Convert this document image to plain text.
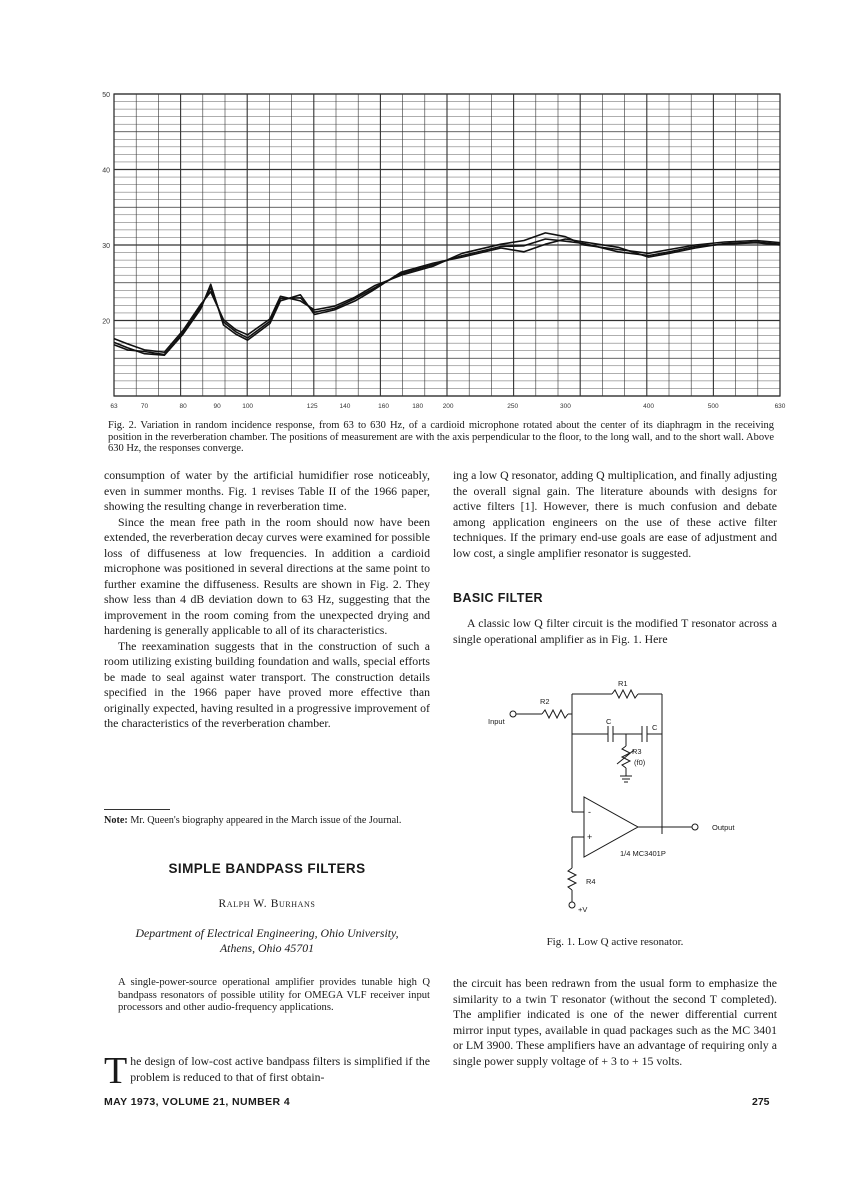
50
40
30
20
63	70	80	90	100	125	140	160	180	200	250	300	400	500	630
Fig. 2. Variation in random incidence response, from 63 to 630 Hz, of a cardioid microphone rotated about the center of its diaphragm in the receiving position in the reverberation chamber. The positions of measurement are with the axis perpendicular to the floor, to the long wall, and to the short wall. Above 630 Hz, the responses converge.

consumption of water by the artificial humidifier rose noticeably, even in summer months. Fig. 1 revises Table II of the 1966 paper, showing the resulting change in reverberation time.

Since the mean free path in the room should now have been extended, the reverberation decay curves were examined for possible loss of diffuseness at low frequencies. In addition a cardioid microphone was positioned in several directions at the same point to further examine the diffuseness. Results are shown in Fig. 2. They show less than 4 dB deviation down to 63 Hz, suggesting that the improvement in the room coming from the unexpected drying and hardening is generally applicable to all of its characteristics.

The reexamination suggests that in the construction of such a room utilizing existing building foundation and walls, special efforts be made to seal against water transport. The construction details specified in the 1966 paper have proved more effective than originally expected, having resulted in a progressive improvement of the characteristics of the reverberation chamber.

Note: Mr. Queen's biography appeared in the March issue of the Journal.
SIMPLE BANDPASS FILTERS
Ralph W. Burhans
Department of Electrical Engineering, Ohio University,
Athens, Ohio 45701
A single-power-source operational amplifier provides tunable high Q bandpass resonators of possible utility for OMEGA VLF receiver input processors and other audio-frequency applications.
The design of low-cost active bandpass filters is simplified if the problem is reduced to that of first obtain-

ing a low Q resonator, adding Q multiplication, and finally adjusting the overall signal gain. The literature abounds with designs for active filters [1]. However, there is much confusion and debate among application engineers on the use of these active filter techniques. If the primary end-use goals are ease of adjustment and low cost, a single amplifier resonator is suggested.

BASIC FILTER

A classic low Q filter circuit is the modified T resonator across a single operational amplifier as in Fig. 1. Here

R1
R2
R3
(f0)
R4
C
C
Input
Output
1/4 MC3401P
+V
-
+
Fig. 1. Low Q active resonator.

the circuit has been redrawn from the usual form to emphasize the similarity to a twin T resonator (without the second T completed). The amplifier indicated is one of the newer differential current mirror input types, available in quad packages such as the MC 3401 or LM 3900. These amplifiers have an advantage of requiring only a single power supply voltage of + 3 to + 15 volts.

MAY 1973, VOLUME 21, NUMBER 4	275
